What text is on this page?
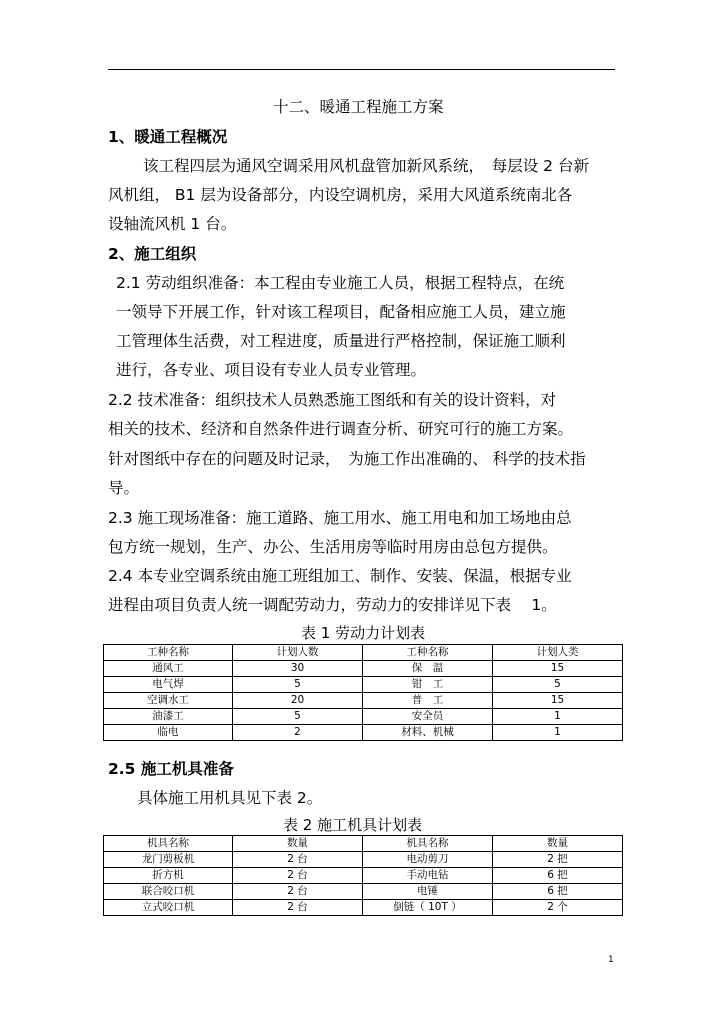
十二、暖通工程施工方案
1、暖通工程概况
该工程四层为通风空调采用风机盘管加新风系统，　每层设 2 台新
风机组， B1 层为设备部分，内设空调机房，采用大风道系统南北各
设轴流风机 1 台。
2、施工组织
2.1 劳动组织准备：本工程由专业施工人员，根据工程特点，在统
一领导下开展工作，针对该工程项目，配备相应施工人员，建立施
工管理体生活费，对工程进度，质量进行严格控制，保证施工顺利
进行，各专业、项目设有专业人员专业管理。
2.2 技术准备：组织技术人员熟悉施工图纸和有关的设计资料，对
相关的技术、经济和自然条件进行调查分析、研究可行的施工方案。
针对图纸中存在的问题及时记录，　为施工作出准确的、 科学的技术指
导。
2.3 施工现场准备：施工道路、施工用水、施工用电和加工场地由总
包方统一规划，生产、办公、生活用房等临时用房由总包方提供。
2.4 本专业空调系统由施工班组加工、制作、安装、保温，根据专业
进程由项目负责人统一调配劳动力，劳动力的安排详见下表　 1。
表 1 劳动力计划表
工种名称	计划人数	工种名称	计划人类
通风工	30	保　温	15
电气焊	5	钳　工	5
空调水工	20	普　工	15
油漆工	5	安全员	1
临电	2	材料、机械	1
2.5 施工机具准备
具体施工用机具见下表 2。
表 2 施工机具计划表
机具名称	数量	机具名称	数量
龙门剪板机	2 台	电动剪刀	2 把
折方机	2 台	手动电钻	6 把
联合咬口机	2 台	电锤	6 把
立式咬口机	2 台	倒链（ 10T ）	2 个
1
